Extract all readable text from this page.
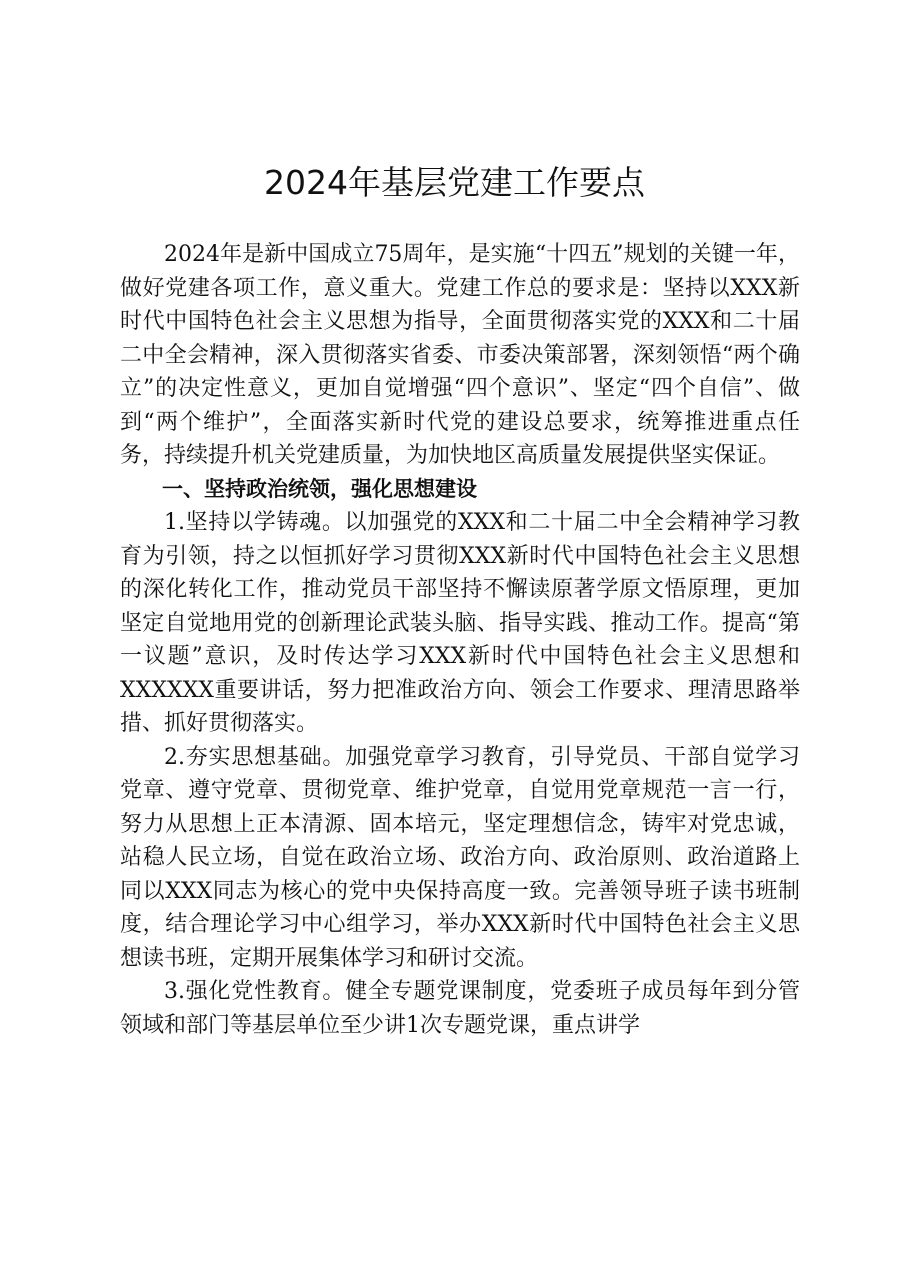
2024年基层党建工作要点

2024年是新中国成立75周年，是实施“十四五”规划的关键一年，做好党建各项工作，意义重大。党建工作总的要求是：坚持以XXX新时代中国特色社会主义思想为指导，全面贯彻落实党的XXX和二十届二中全会精神，深入贯彻落实省委、市委决策部署，深刻领悟“两个确立”的决定性意义，更加自觉增强“四个意识”、坚定“四个自信”、做到“两个维护”，全面落实新时代党的建设总要求，统筹推进重点任务，持续提升机关党建质量，为加快地区高质量发展提供坚实保证。

一、坚持政治统领，强化思想建设

1.坚持以学铸魂。以加强党的XXX和二十届二中全会精神学习教育为引领，持之以恒抓好学习贯彻XXX新时代中国特色社会主义思想的深化转化工作，推动党员干部坚持不懈读原著学原文悟原理，更加坚定自觉地用党的创新理论武装头脑、指导实践、推动工作。提高“第一议题”意识，及时传达学习XXX新时代中国特色社会主义思想和XXXXXX重要讲话，努力把准政治方向、领会工作要求、理清思路举措、抓好贯彻落实。

2.夯实思想基础。加强党章学习教育，引导党员、干部自觉学习党章、遵守党章、贯彻党章、维护党章，自觉用党章规范一言一行，努力从思想上正本清源、固本培元，坚定理想信念，铸牢对党忠诚，站稳人民立场，自觉在政治立场、政治方向、政治原则、政治道路上同以XXX同志为核心的党中央保持高度一致。完善领导班子读书班制度，结合理论学习中心组学习，举办XXX新时代中国特色社会主义思想读书班，定期开展集体学习和研讨交流。

3.强化党性教育。健全专题党课制度，党委班子成员每年到分管领域和部门等基层单位至少讲1次专题党课，重点讲学
